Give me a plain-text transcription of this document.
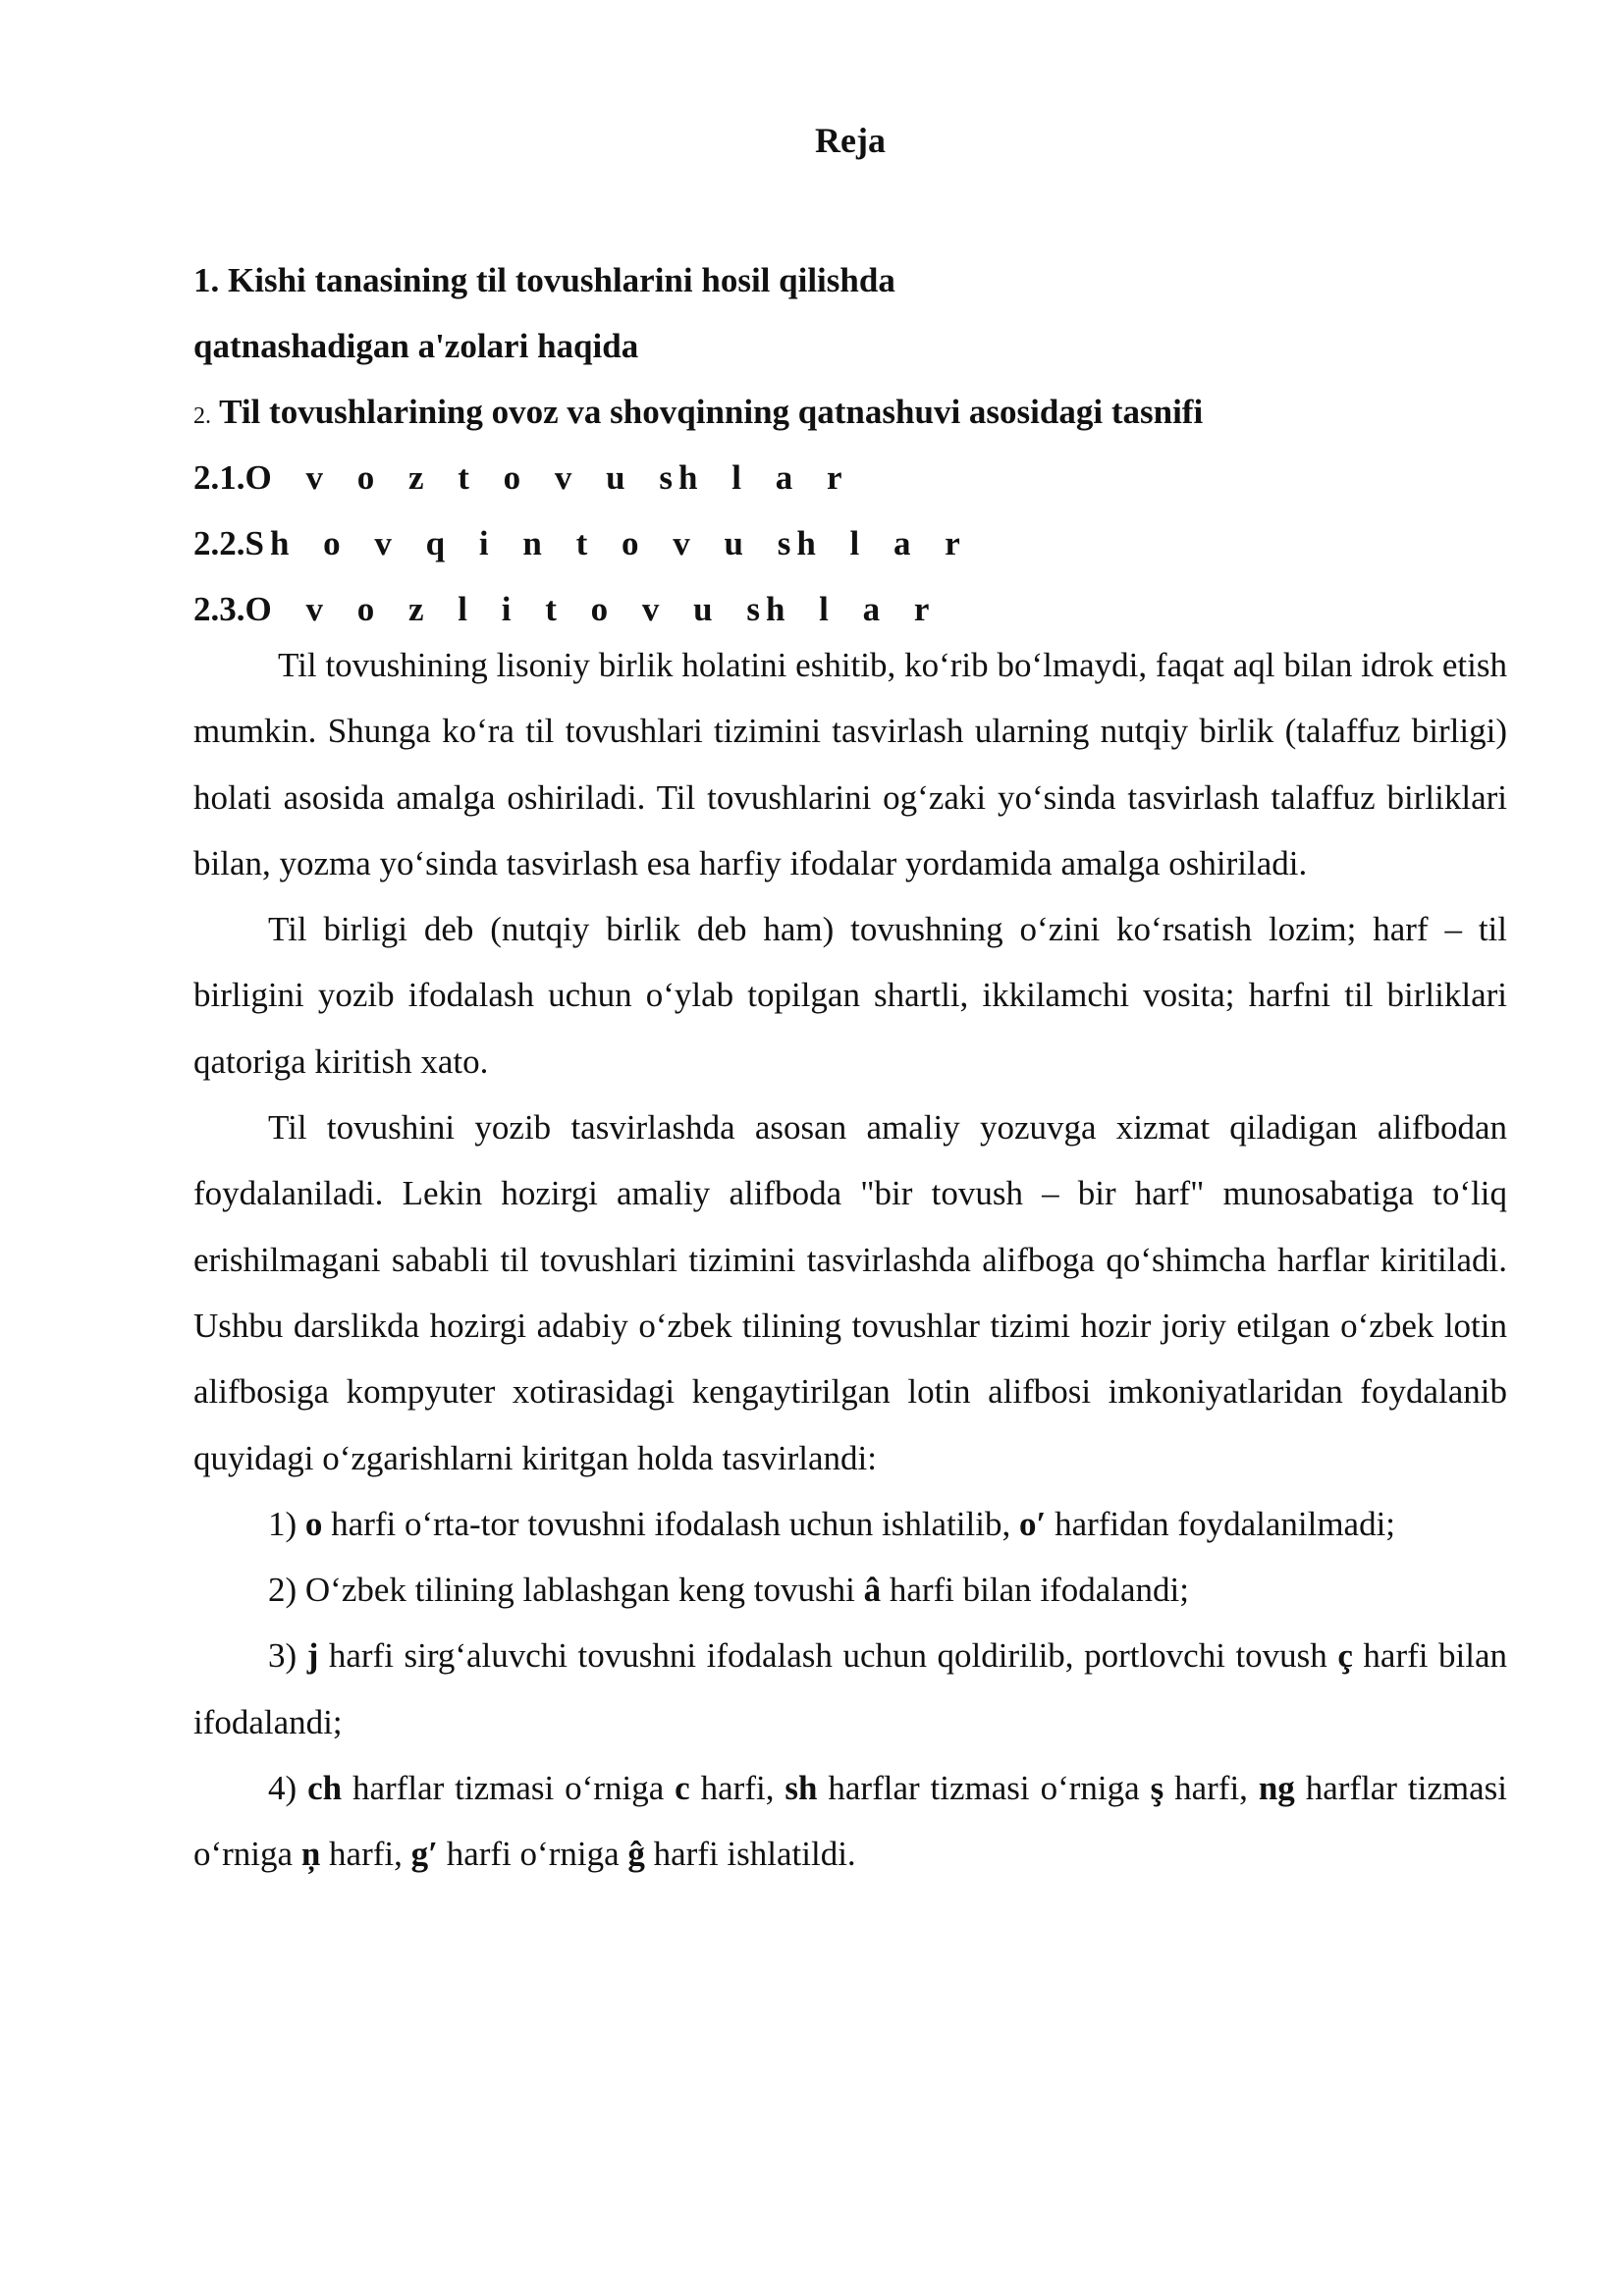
Reja
1. Kishi tanasining til tovushlarini hosil qilishda
qatnashadigan a'zolari haqida
2. Til tovushlarining ovoz va shovqinning qatnashuvi asosidagi tasnifi
2.1.O v o z t o v u sh l a r
2.2.Sh o v q i n t o v u sh l a r
2.3.O v o z l i t o v u sh l a r

Til tovushining lisoniy birlik holatini eshitib, ko‘rib bo‘lmaydi, faqat aql bilan idrok etish mumkin. Shunga ko‘ra til tovushlari tizimini tasvirlash ularning nutqiy birlik (talaffuz birligi) holati asosida amalga oshiriladi. Til tovushlarini og‘zaki yo‘sinda tasvirlash talaffuz birliklari bilan, yozma yo‘sinda tasvirlash esa harfiy ifodalar yordamida amalga oshiriladi.

Til birligi deb (nutqiy birlik deb ham) tovushning o‘zini ko‘rsatish lozim; harf – til birligini yozib ifodalash uchun o‘ylab topilgan shartli, ikkilamchi vosita; harfni til birliklari qatoriga kiritish xato.

Til tovushini yozib tasvirlashda asosan amaliy yozuvga xizmat qiladigan alifbodan foydalaniladi. Lekin hozirgi amaliy alifboda "bir tovush – bir harf" munosabatiga to‘liq erishilmagani sababli til tovushlari tizimini tasvirlashda alifboga qo‘shimcha harflar kiritiladi. Ushbu darslikda hozirgi adabiy o‘zbek tilining tovushlar tizimi hozir joriy etilgan o‘zbek lotin alifbosiga kompyuter xotirasidagi kengaytirilgan lotin alifbosi imkoniyatlaridan foydalanib quyidagi o‘zgarishlarni kiritgan holda tasvirlandi:

1) o harfi o‘rta-tor tovushni ifodalash uchun ishlatilib, o′ harfidan foydalanilmadi;

2) O‘zbek tilining lablashgan keng tovushi â harfi bilan ifodalandi;

3) j harfi sirg‘aluvchi tovushni ifodalash uchun qoldirilib, portlovchi tovush ç harfi bilan ifodalandi;

4) ch harflar tizmasi o‘rniga c harfi, sh harflar tizmasi o‘rniga ş harfi, ng harflar tizmasi o‘rniga ņ harfi, g′ harfi o‘rniga ĝ harfi ishlatildi.
